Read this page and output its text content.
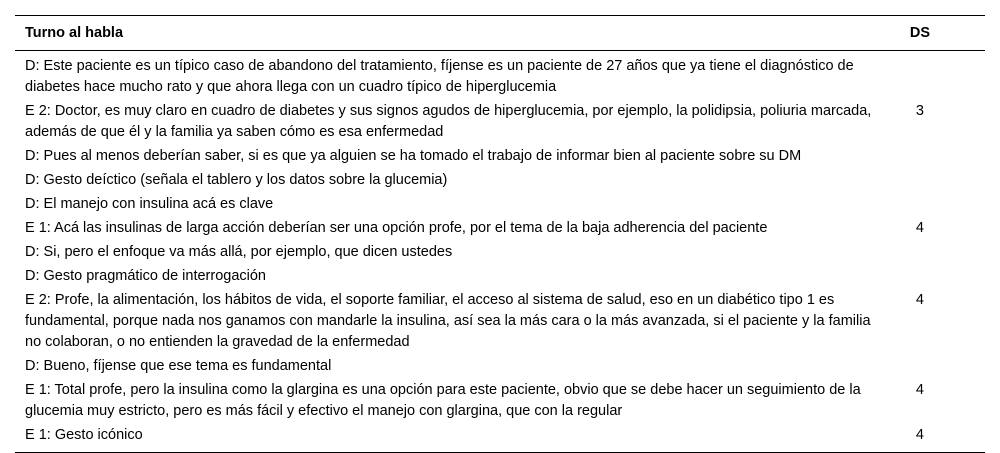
Turno al habla	DS
D: Este paciente es un típico caso de abandono del tratamiento, fíjense es un paciente de 27 años que ya tiene el diagnóstico de diabetes hace mucho rato y que ahora llega con un cuadro típico de hiperglucemia	
E 2: Doctor, es muy claro en cuadro de diabetes y sus signos agudos de hiperglucemia, por ejemplo, la polidipsia, poliuria marcada, además de que él y la familia ya saben cómo es esa enfermedad	3
D: Pues al menos deberían saber, si es que ya alguien se ha tomado el trabajo de informar bien al paciente sobre su DM	
D: Gesto deíctico (señala el tablero y los datos sobre la glucemia)	
D: El manejo con insulina acá es clave	
E 1: Acá las insulinas de larga acción deberían ser una opción profe, por el tema de la baja adherencia del paciente	4
D: Si, pero el enfoque va más allá, por ejemplo, que dicen ustedes	
D: Gesto pragmático de interrogación	
E 2: Profe, la alimentación, los hábitos de vida, el soporte familiar, el acceso al sistema de salud, eso en un diabético tipo 1 es fundamental, porque nada nos ganamos con mandarle la insulina, así sea la más cara o la más avanzada, si el paciente y la familia no colaboran, o no entienden la gravedad de la enfermedad	4
D: Bueno, fíjense que ese tema es fundamental	
E 1: Total profe, pero la insulina como la glargina es una opción para este paciente, obvio que se debe hacer un seguimiento de la glucemia muy estricto, pero es más fácil y efectivo el manejo con glargina, que con la regular	4
E 1: Gesto icónico	4
